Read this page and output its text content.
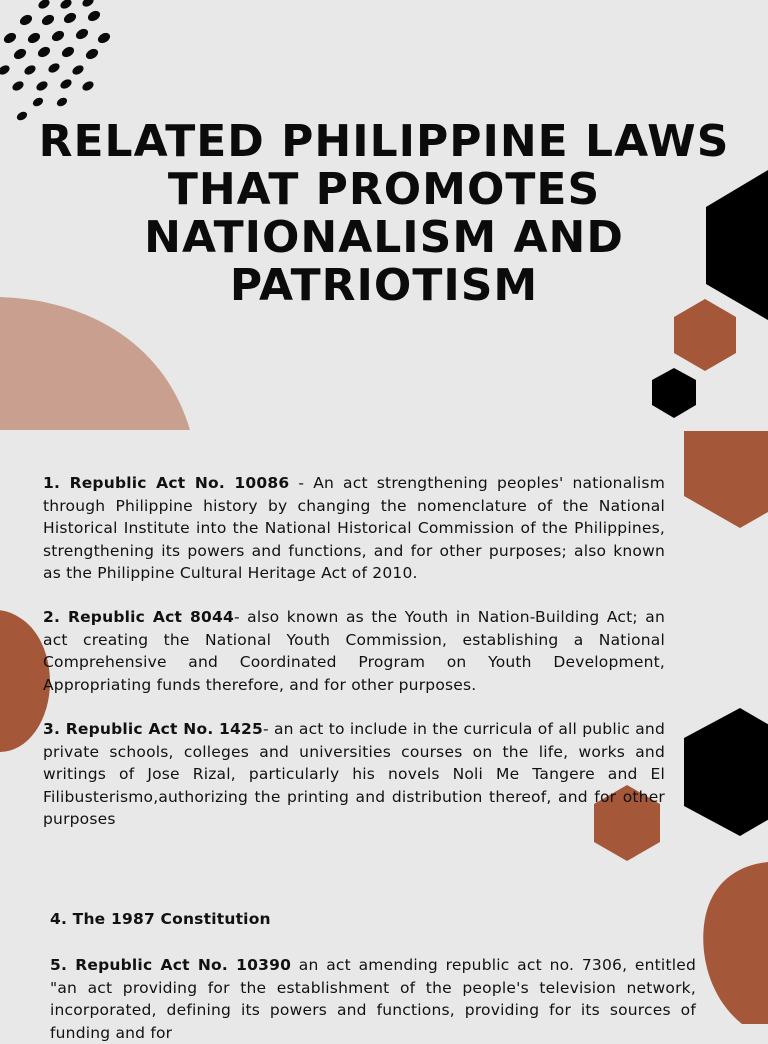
RELATED PHILIPPINE LAWS THAT PROMOTES NATIONALISM AND PATRIOTISM

1. Republic Act No. 10086 - An act strengthening peoples' nationalism through Philippine history by changing the nomenclature of the National Historical Institute into the National Historical Commission of the Philippines, strengthening its powers and functions, and for other purposes; also known as the Philippine Cultural Heritage Act of 2010.

2. Republic Act 8044- also known as the Youth in Nation-Building Act; an act creating the National Youth Commission, establishing a National Comprehensive and Coordinated Program on Youth Development, Appropriating funds therefore, and for other purposes.

3. Republic Act No. 1425- an act to include in the curricula of all public and private schools, colleges and universities courses on the life, works and writings of Jose Rizal, particularly his novels Noli Me Tangere and El Filibusterismo,authorizing the printing and distribution thereof, and for other purposes

4. The 1987 Constitution

5. Republic Act No. 10390 an act amending republic act no. 7306, entitled "an act providing for the establishment of the people's television network, incorporated, defining its powers and functions, providing for its sources of funding and for
